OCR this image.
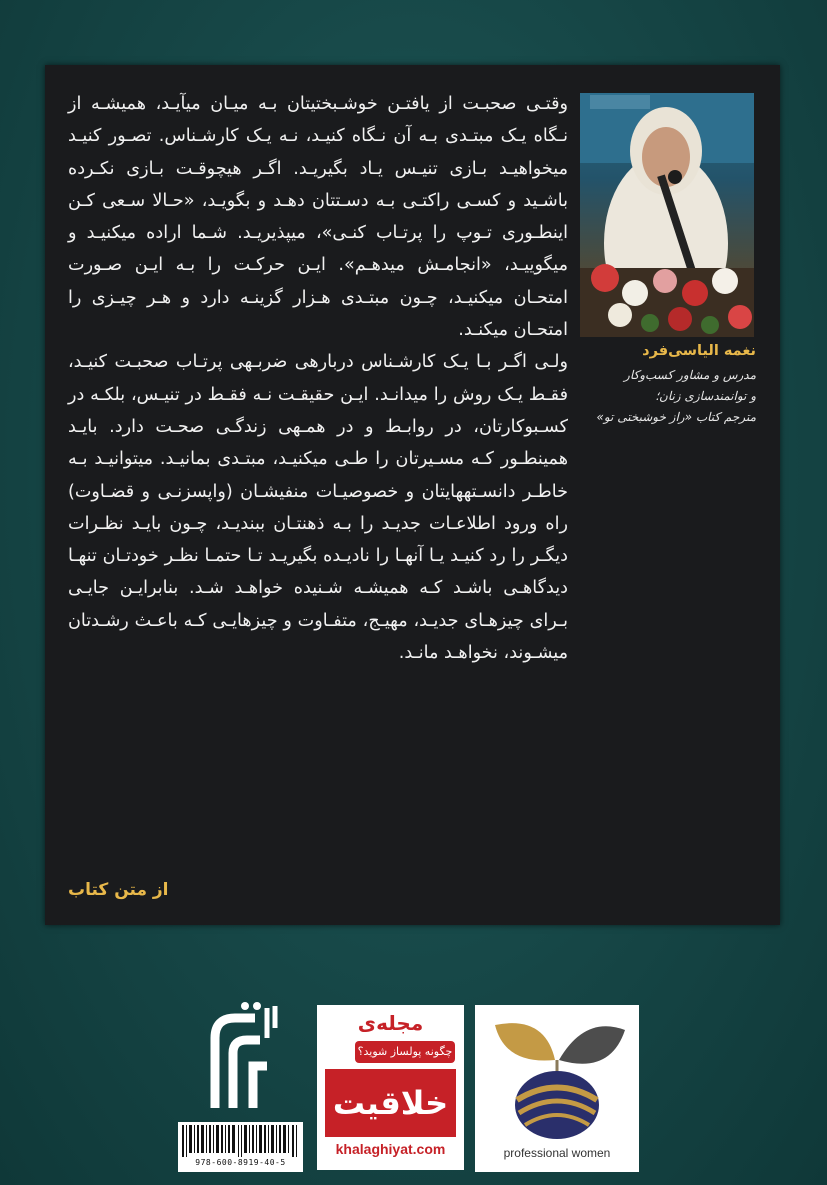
وقتـی صحبـت از یافتـن خوشـبختیتان بـه میـان میآیـد، همیشـه از نـگاه یـک مبتـدی بـه آن نـگاه کنیـد، نـه یـک کارشـناس. تصـور کنیـد میخواهیـد بـازی تنیـس یـاد بگیریـد. اگـر هیچوقـت بـازی نکـرده باشـید و کسـی راکتـی بـه دسـتتان دهـد و بگویـد، «حـالا سـعی کـن اینطـوری تـوپ را پرتـاب کنـی»، میپذیریـد. شـما اراده میکنیـد و میگوییـد، «انجامـش میدهـم». ایـن حرکـت را بـه ایـن صـورت امتحـان میکنیـد، چـون مبتـدی هـزار گزینـه دارد و هـر چیـزی را امتحـان میکنـد.

ولـی اگـر بـا یـک کارشـناس دربارهی ضربـهی پرتـاب صحبـت کنیـد، فقـط یـک روش را میدانـد. ایـن حقیقـت نـه فقـط در تنیـس، بلکـه در کسـبوکارتان، در روابـط و در همـهی زندگـی صحـت دارد. بایـد همینطـور کـه مسـیرتان را طـی میکنیـد، مبتـدی بمانیـد. میتوانیـد بـه خاطـر دانسـتههایتان و خصوصیـات منفیشـان (واپسزنـی و قضـاوت) راه ورود اطلاعـات جدیـد را بـه ذهنتـان ببندیـد، چـون بایـد نظـرات دیگـر را رد کنیـد یـا آنهـا را نادیـده بگیریـد تـا حتمـا نظـر خودتـان تنهـا دیدگاهـی باشـد کـه همیشـه شـنیده خواهـد شـد. بنابرایـن جایـی بـرای چیزهـای جدیـد، مهیـج، متفـاوت و چیزهایـی کـه باعـث رشـدتان میشـوند، نخواهـد مانـد.

از متن کتاب
نغمه الیاسی‌فرد
مدرس و مشاور کسب‌وکار
و توانمندسازی زنان؛
مترجم کتاب «راز خوشبختی تو»
978-600-8919-40-5
مجله‌ی
چگونه پولساز شوید؟
خلاقیت
khalaghiyat.com	professional women
